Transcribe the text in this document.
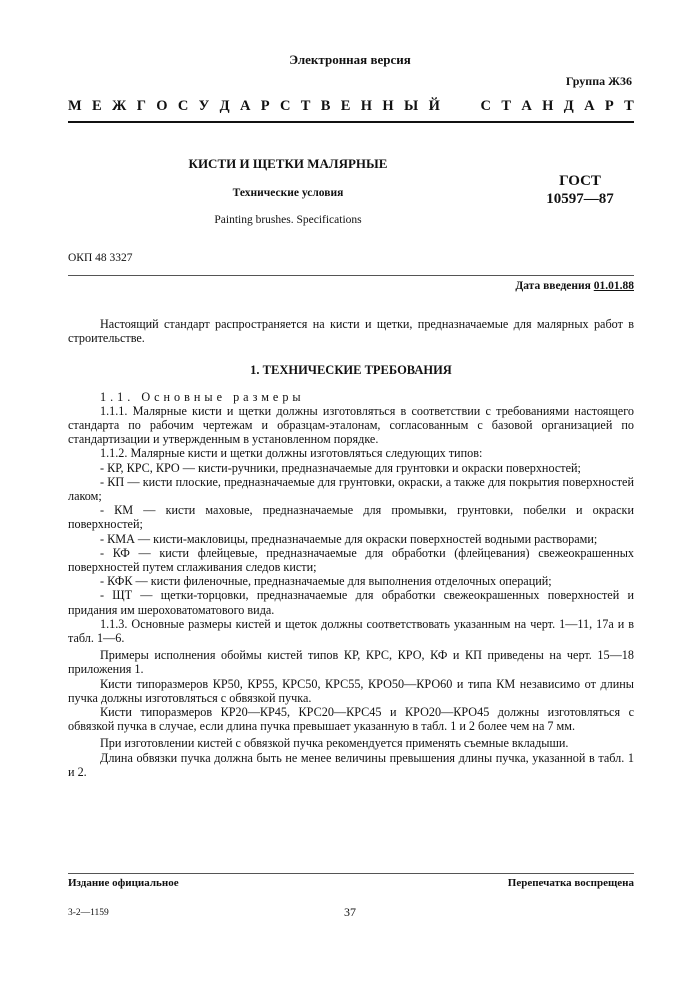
Электронная версия
Группа Ж36
М Е Ж Г О С У Д А Р С Т В Е Н Н Ы Й	С Т А Н Д А Р Т
КИСТИ И ЩЕТКИ МАЛЯРНЫЕ
Технические условия
Painting brushes. Specifications
ГОСТ
10597—87
ОКП 48 3327
Дата введения 01.01.88

Настоящий стандарт распространяется на кисти и щетки, предназначаемые для малярных работ в строительстве.

1. ТЕХНИЧЕСКИЕ ТРЕБОВАНИЯ

1.1. Основные размеры

1.1.1. Малярные кисти и щетки должны изготовляться в соответствии с требованиями настоящего стандарта по рабочим чертежам и образцам-эталонам, согласованным с базовой организацией по стандартизации и утвержденным в установленном порядке.

1.1.2. Малярные кисти и щетки должны изготовляться следующих типов:

- КР, КРС, КРО — кисти-ручники, предназначаемые для грунтовки и окраски поверхностей;

- КП — кисти плоские, предназначаемые для грунтовки, окраски, а также для покрытия поверхностей лаком;

- КМ — кисти маховые, предназначаемые для промывки, грунтовки, побелки и окраски поверхностей;

- КМА — кисти-макловицы, предназначаемые для окраски поверхностей водными растворами;

- КФ — кисти флейцевые, предназначаемые для обработки (флейцевания) свежеокрашенных поверхностей путем сглаживания следов кисти;

- КФК — кисти филеночные, предназначаемые для выполнения отделочных операций;

- ЩТ — щетки-торцовки, предназначаемые для обработки свежеокрашенных поверхностей и придания им шероховатоматового вида.

1.1.3. Основные размеры кистей и щеток должны соответствовать указанным на черт. 1—11, 17а и в табл. 1—6.

Примеры исполнения обоймы кистей типов КР, КРС, КРО, КФ и КП приведены на черт. 15—18 приложения 1.

Кисти типоразмеров КР50, КР55, КРС50, КРС55, КРО50—КРО60 и типа КМ независимо от длины пучка должны изготовляться с обвязкой пучка.

Кисти типоразмеров КР20—КР45, КРС20—КРС45 и КРО20—КРО45 должны изготовляться с обвязкой пучка в случае, если длина пучка превышает указанную в табл. 1 и 2 более чем на 7 мм.

При изготовлении кистей с обвязкой пучка рекомендуется применять съемные вкладыши.

Длина обвязки пучка должна быть не менее величины превышения длины пучка, указанной в табл. 1 и 2.

Издание официальное	Перепечатка воспрещена
3-2—1159	37
